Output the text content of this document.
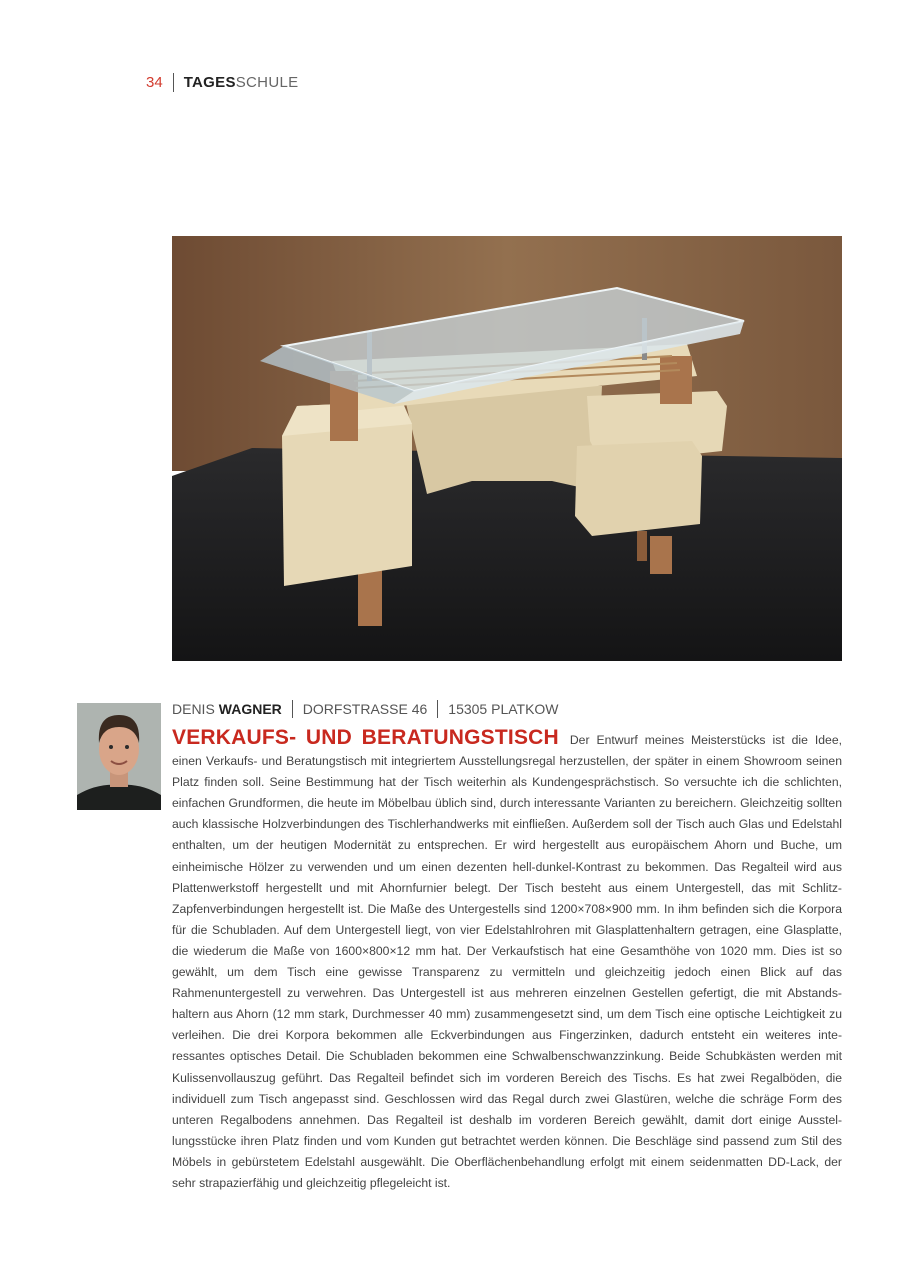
34 TAGESSCHULE
DENIS WAGNER DORFSTRASSE 46 15305 PLATKOW
VERKAUFS- UND BERATUNGSTISCH Der Entwurf meines Meisterstücks ist die Idee, einen Verkaufs- und Beratungstisch mit integriertem Ausstellungsregal herzustellen, der später in einem Showroom seinen Platz finden soll. Seine Bestimmung hat der Tisch weiterhin als Kundengesprächstisch. So versuchte ich die schlichten, einfachen Grundformen, die heute im Möbelbau üblich sind, durch interessante Varianten zu bereichern. Gleichzeitig sollten auch klassische Holzverbindungen des Tischlerhandwerks mit einfließen. Außerdem soll der Tisch auch Glas und Edelstahl enthalten, um der heutigen Modernität zu entsprechen. Er wird hergestellt aus europäischem Ahorn und Buche, um einheimische Hölzer zu verwenden und um einen dezenten hell-dunkel-Kontrast zu bekommen. Das Regalteil wird aus Plattenwerkstoff hergestellt und mit Ahornfurnier belegt. Der Tisch besteht aus einem Untergestell, das mit Schlitz-Zapfenverbindungen hergestellt ist. Die Maße des Untergestells sind 1200×708×900 mm. In ihm befinden sich die Korpora für die Schubladen. Auf dem Untergestell liegt, von vier Edelstahlrohren mit Glasplattenhaltern getragen, eine Glasplatte, die wiederum die Maße von 1600×800×12 mm hat. Der Verkaufstisch hat eine Gesamthöhe von 1020 mm. Dies ist so gewählt, um dem Tisch eine gewisse Transparenz zu vermitteln und gleichzeitig jedoch einen Blick auf das Rahmenuntergestell zu verwehren. Das Untergestell ist aus mehreren einzelnen Gestellen gefertigt, die mit Abstands-haltern aus Ahorn (12 mm stark, Durchmesser 40 mm) zusammengesetzt sind, um dem Tisch eine optische Leichtigkeit zu verleihen. Die drei Korpora bekommen alle Eckverbindungen aus Fingerzinken, dadurch entsteht ein weiteres inte-ressantes optisches Detail. Die Schubladen bekommen eine Schwalbenschwanzzinkung. Beide Schubkästen werden mit Kulissenvollauszug geführt. Das Regalteil befindet sich im vorderen Bereich des Tischs. Es hat zwei Regalböden, die individuell zum Tisch angepasst sind. Geschlossen wird das Regal durch zwei Glastüren, welche die schräge Form des unteren Regalbodens annehmen. Das Regalteil ist deshalb im vorderen Bereich gewählt, damit dort einige Ausstel-lungsstücke ihren Platz finden und vom Kunden gut betrachtet werden können. Die Beschläge sind passend zum Stil des Möbels in gebürstetem Edelstahl ausgewählt. Die Oberflächenbehandlung erfolgt mit einem seidenmatten DD-Lack, der sehr strapazierfähig und gleichzeitig pflegeleicht ist.
